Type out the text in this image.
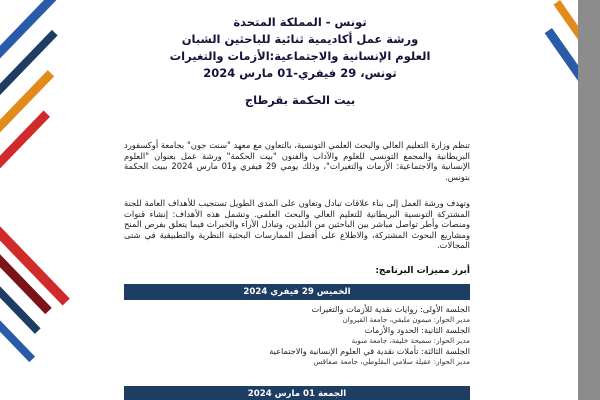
تونس - المملكة المتحدة
ورشة عمل أكاديمية ثنائية للباحثين الشبان
العلوم الإنسانية والاجتماعية:الأزمات والتغيرات
تونس، 29 فيفري-01 مارس 2024
بيت الحكمة بقرطاج

تنظم وزارة التعليم العالي والبحث العلمي التونسية، بالتعاون مع معهد "سنت جون" بجامعة أوكسفورد البريطانية والمجمع التونسي للعلوم والآداب والفنون "بيت الحكمة" ورشة عمل بعنوان "العلوم الإنسانية والاجتماعية: الأزمات والتغيرات"، وذلك يومي 29 فيفري و01 مارس 2024 ببيت الحكمة بتونس.

وتهدف ورشة العمل إلى بناء علاقات تبادل وتعاون على المدى الطويل تستجيب للأهداف العامة للجنة المشتركة التونسية البريطانية للتعليم العالي والبحث العلمي. وتشمل هذه الأهداف: إنشاء قنوات ومنصات وأطر تواصل مباشر بين الباحثين من البلدين، وتبادل الآراء والخبرات فيما يتعلق بفرص المنح ومشاريع البحوث المشتركة، والاطلاع على أفضل الممارسات البحثية النظرية والتطبيقية في شتى المجالات.

أبرز مميزات البرنامج:
الخميس 29 فيفري 2024
الجلسة الأولى: روايات نقدية للأزمات والتغيرات
مدير الحوار: ميمون ملبقي، جامعة القيروان
الجلسة الثانية: الحدود والأزمات
مدير الحوار: سميحة خليفة، جامعة منوبة
الجلسة الثالثة: تأملات نقدية في العلوم الإنسانية والاجتماعية
مدير الحوار: عقيلة سلامي البقلوطي، جامعة صفاقس
الجمعة 01 مارس 2024
